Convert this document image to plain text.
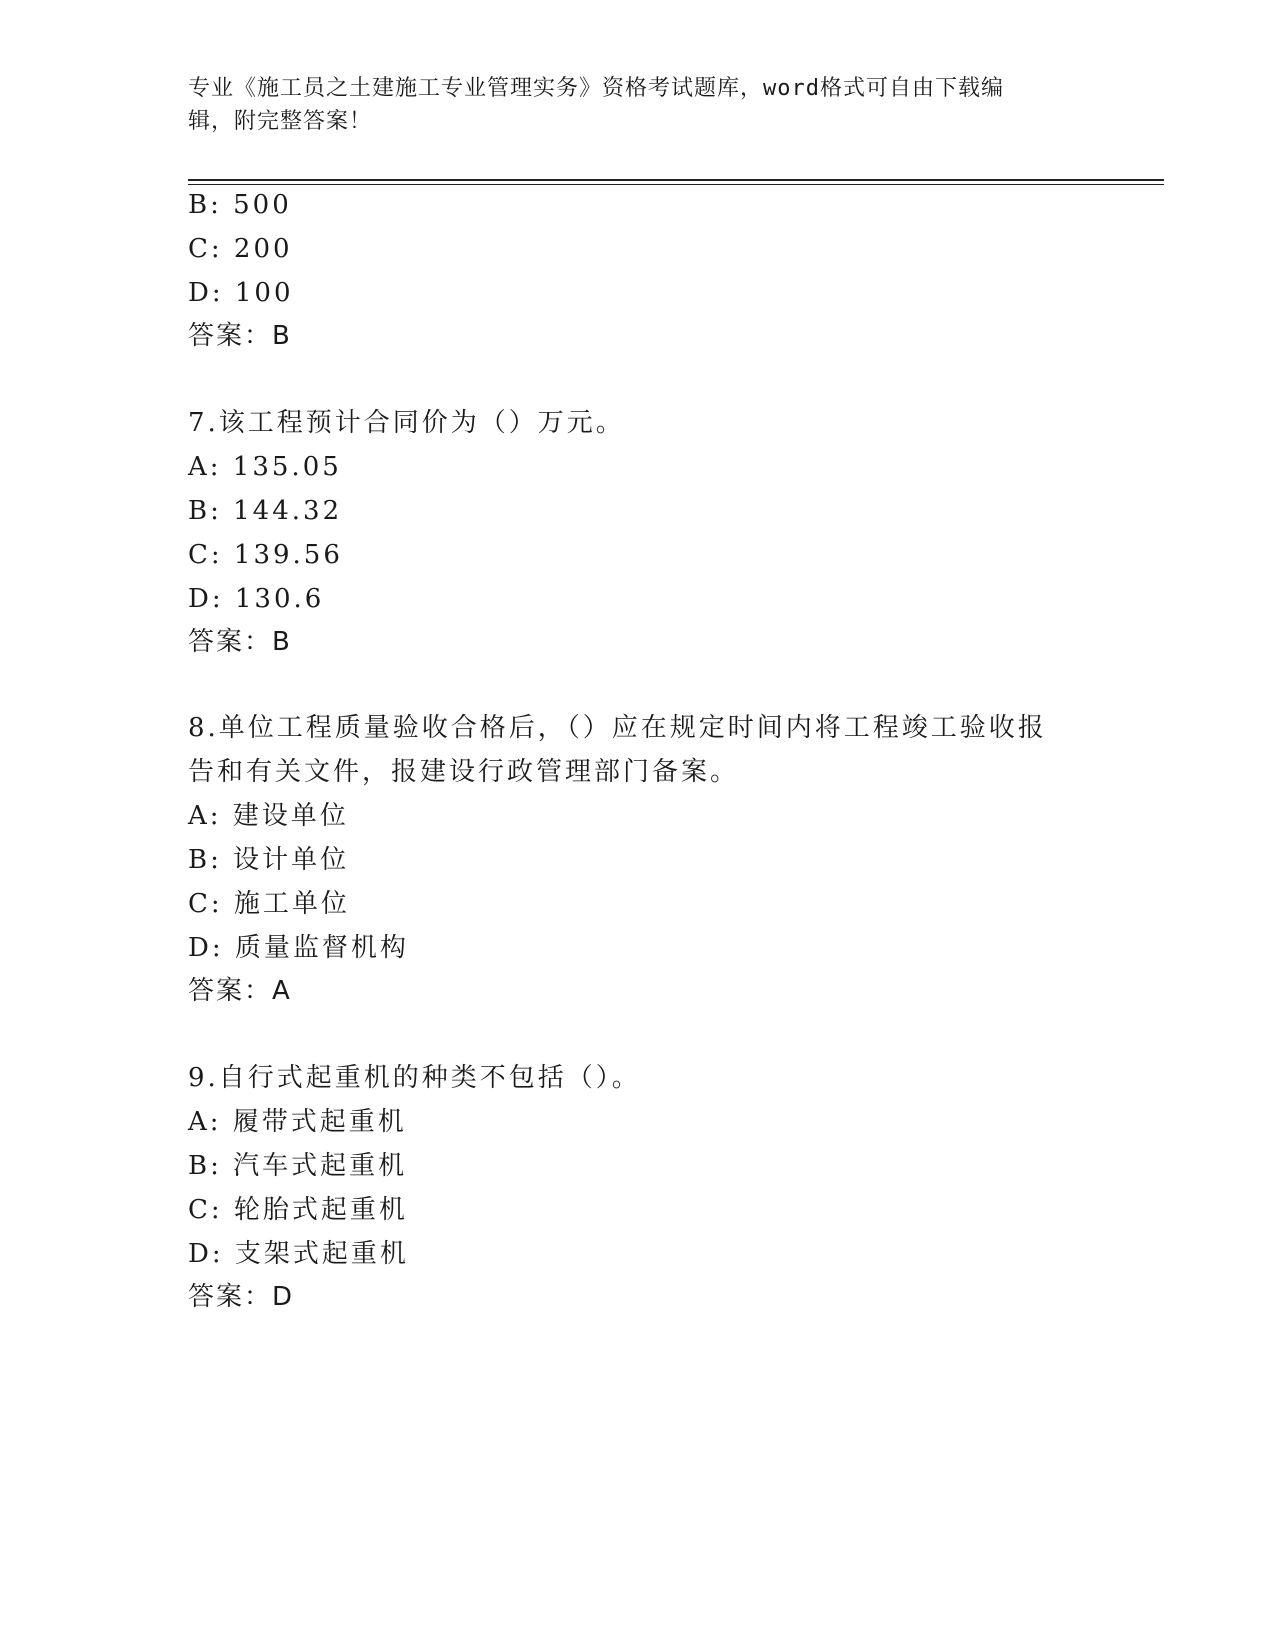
专业《施工员之土建施工专业管理实务》资格考试题库，word格式可自由下载编
辑，附完整答案！
B: 500
C: 200
D: 100
答案：B
7.该工程预计合同价为（）万元。
A: 135.05
B: 144.32
C: 139.56
D: 130.6
答案：B
8.单位工程质量验收合格后，（）应在规定时间内将工程竣工验收报
告和有关文件，报建设行政管理部门备案。
A: 建设单位
B: 设计单位
C: 施工单位
D: 质量监督机构
答案：A
9.自行式起重机的种类不包括（）。
A: 履带式起重机
B: 汽车式起重机
C: 轮胎式起重机
D: 支架式起重机
答案：D
